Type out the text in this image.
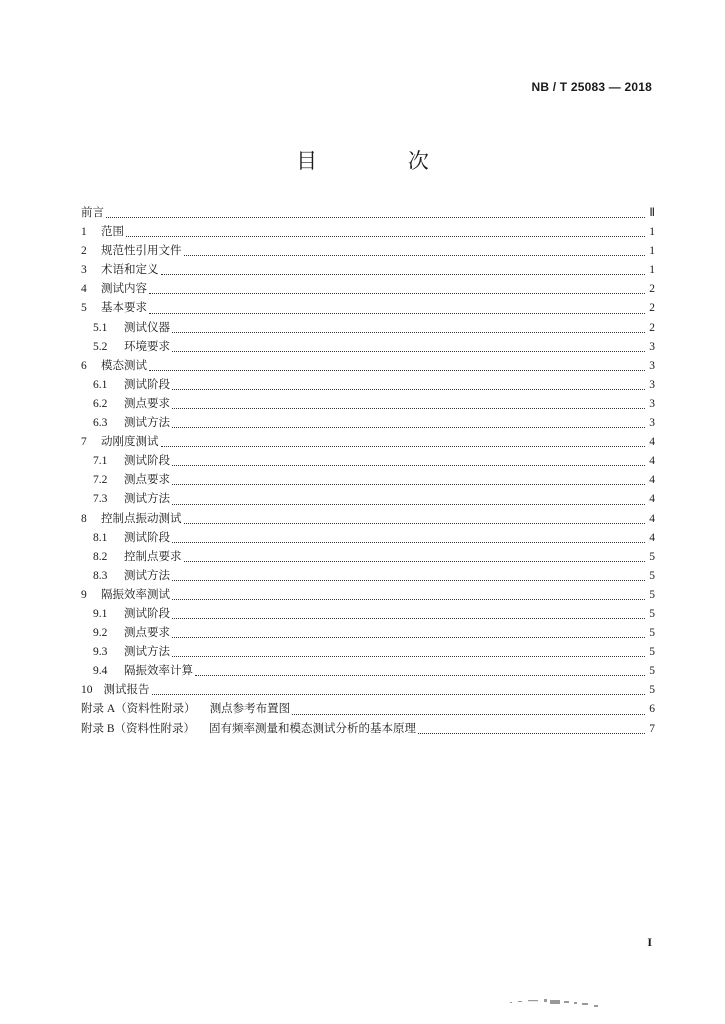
NB / T 25083 — 2018
目 次
前言	Ⅱ
1 范围	1
2 规范性引用文件	1
3 术语和定义	1
4 测试内容	2
5 基本要求	2
5.1	测试仪器	2
5.2	环境要求	3
6 模态测试	3
6.1	测试阶段	3
6.2	测点要求	3
6.3	测试方法	3
7 动刚度测试	4
7.1	测试阶段	4
7.2	测点要求	4
7.3	测试方法	4
8 控制点振动测试	4
8.1	测试阶段	4
8.2	控制点要求	5
8.3	测试方法	5
9 隔振效率测试	5
9.1	测试阶段	5
9.2	测点要求	5
9.3	测试方法	5
9.4	隔振效率计算	5
10 测试报告	5
附录 A（资料性附录） 测点参考布置图	6
附录 B（资料性附录） 固有频率测量和模态测试分析的基本原理	7
I
